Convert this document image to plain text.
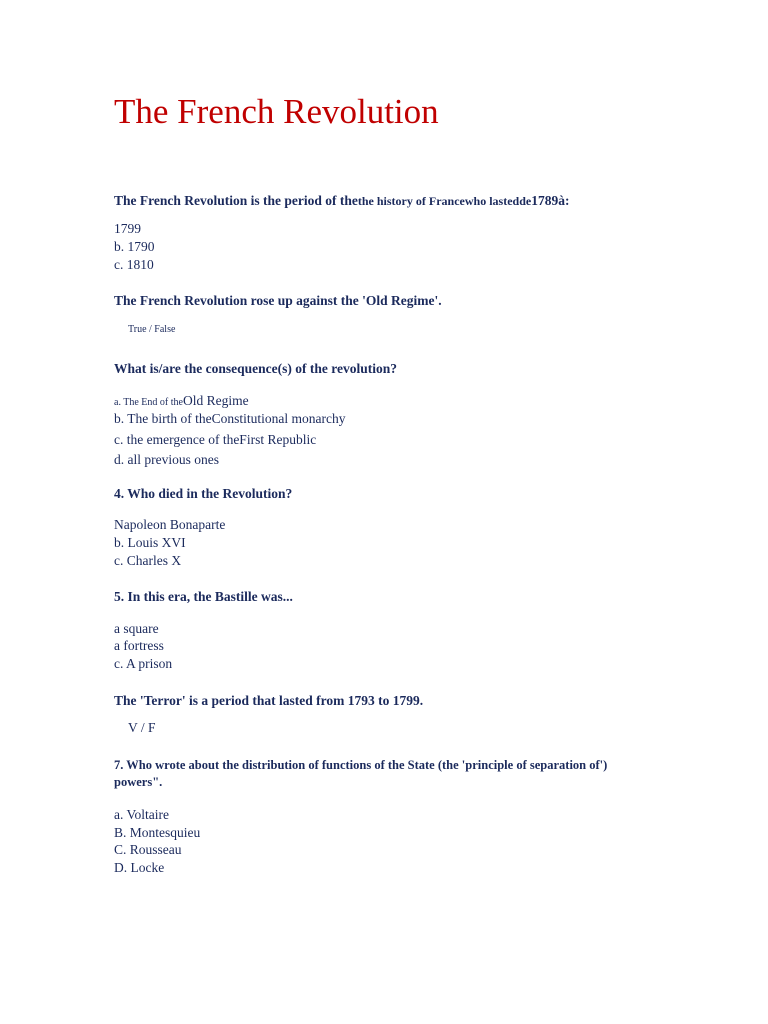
The French Revolution

The French Revolution is the period of thethe history of Francewho lastedde1789à:

1799
b. 1790
c. 1810

The French Revolution rose up against the 'Old Regime'.

True / False

What is/are the consequence(s) of the revolution?

a. The End of theOld Regime
b. The birth of theConstitutional monarchy
c. the emergence of theFirst Republic
d. all previous ones

4. Who died in the Revolution?

Napoleon Bonaparte
b. Louis XVI
c. Charles X

5. In this era, the Bastille was...

a square
a fortress
c. A prison

The 'Terror' is a period that lasted from 1793 to 1799.

V / F

7. Who wrote about the distribution of functions of the State (the 'principle of separation of') powers".

a. Voltaire
B. Montesquieu
C. Rousseau
D. Locke
